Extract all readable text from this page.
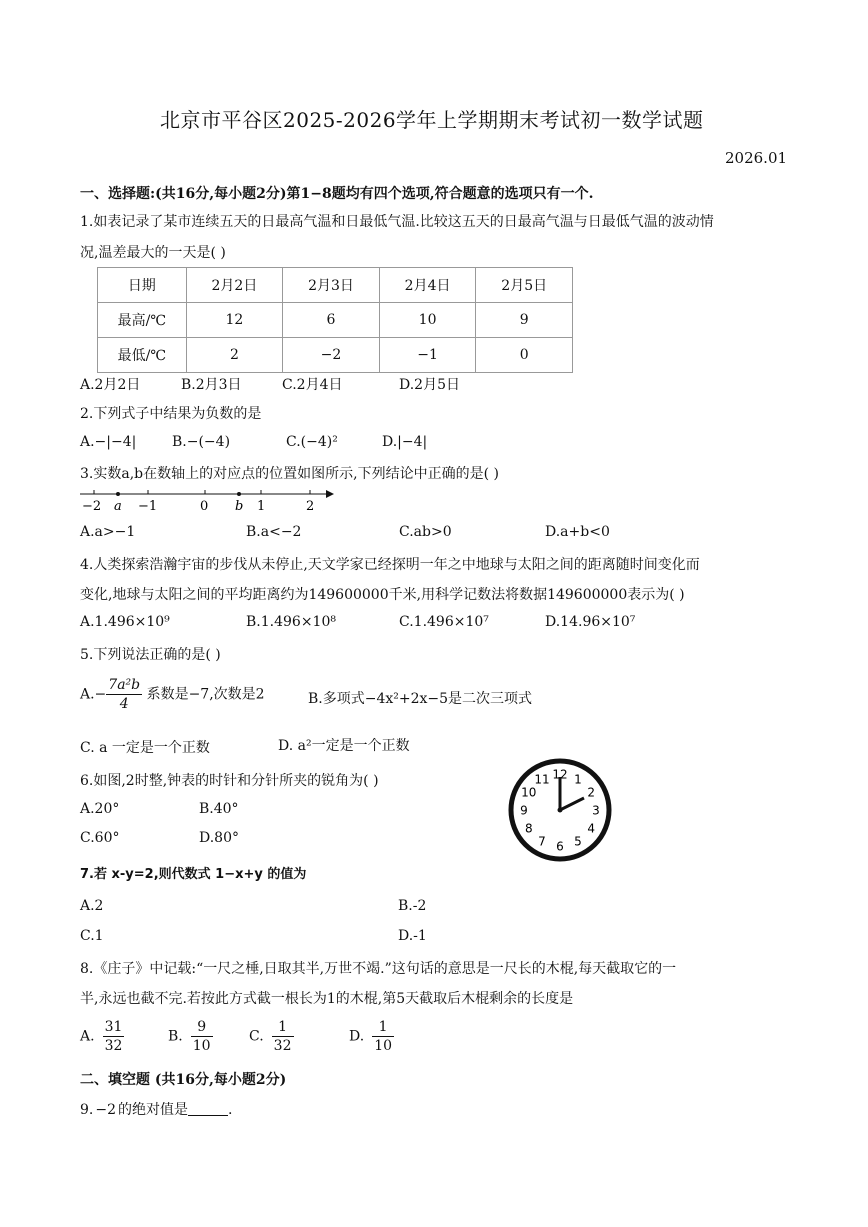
北京市平谷区2025-2026学年上学期期末考试初一数学试题
2026.01
一、选择题:(共16分,每小题2分)第1−8题均有四个选项,符合题意的选项只有一个.
1.如表记录了某市连续五天的日最高气温和日最低气温.比较这五天的日最高气温与日最低气温的波动情
况,温差最大的一天是( )
日期	2月2日	2月3日	2月4日	2月5日
最高/℃	12	6	10	9
最低/℃	2	−2	−1	0
A.2月2日	B.2月3日	C.2月4日	D.2月5日
2.下列式子中结果为负数的是
A.−|−4|	B.−(−4)	C.(−4)²	D.|−4|
3.实数a,b在数轴上的对应点的位置如图所示,下列结论中正确的是( )
−2 a −1	0 b 1	2
A.a>−1	B.a<−2	C.ab>0	D.a+b<0
4.人类探索浩瀚宇宙的步伐从未停止,天文学家已经探明一年之中地球与太阳之间的距离随时间变化而
变化,地球与太阳之间的平均距离约为149600000千米,用科学记数法将数据149600000表示为( )
A.1.496×10⁹	B.1.496×10⁸	C.1.496×10⁷	D.14.96×10⁷
5.下列说法正确的是( )
$A.- \frac{\text{7a²b}}{4}$ 系数是−7,次数是2	B.多项式−4x²+2x−5是二次三项式
C. a 一定是一个正数	D. a²一定是一个正数
6.如图,2时整,钟表的时针和分针所夹的锐角为( )
A.20°	B.40°
C.60°	D.80°
12 1
2
3
4
5
6
7
8
9
10
11
7.若 x-y=2,则代数式 1−x+y 的值为
A.2	B.-2
C.1	D.-1
8.《庄子》中记载:“一尺之棰,日取其半,万世不竭.”这句话的意思是一尺长的木棍,每天截取它的一
半,永远也截不完.若按此方式截一根长为1的木棍,第5天截取后木棍剩余的长度是
A. $\frac{31}{32}$	B. $\frac{9}{10}$	C. $\frac{1}{32}$	D. $\frac{1}{10}$
二、填空题 (共16分,每小题2分)
9. −2 的绝对值是	.
